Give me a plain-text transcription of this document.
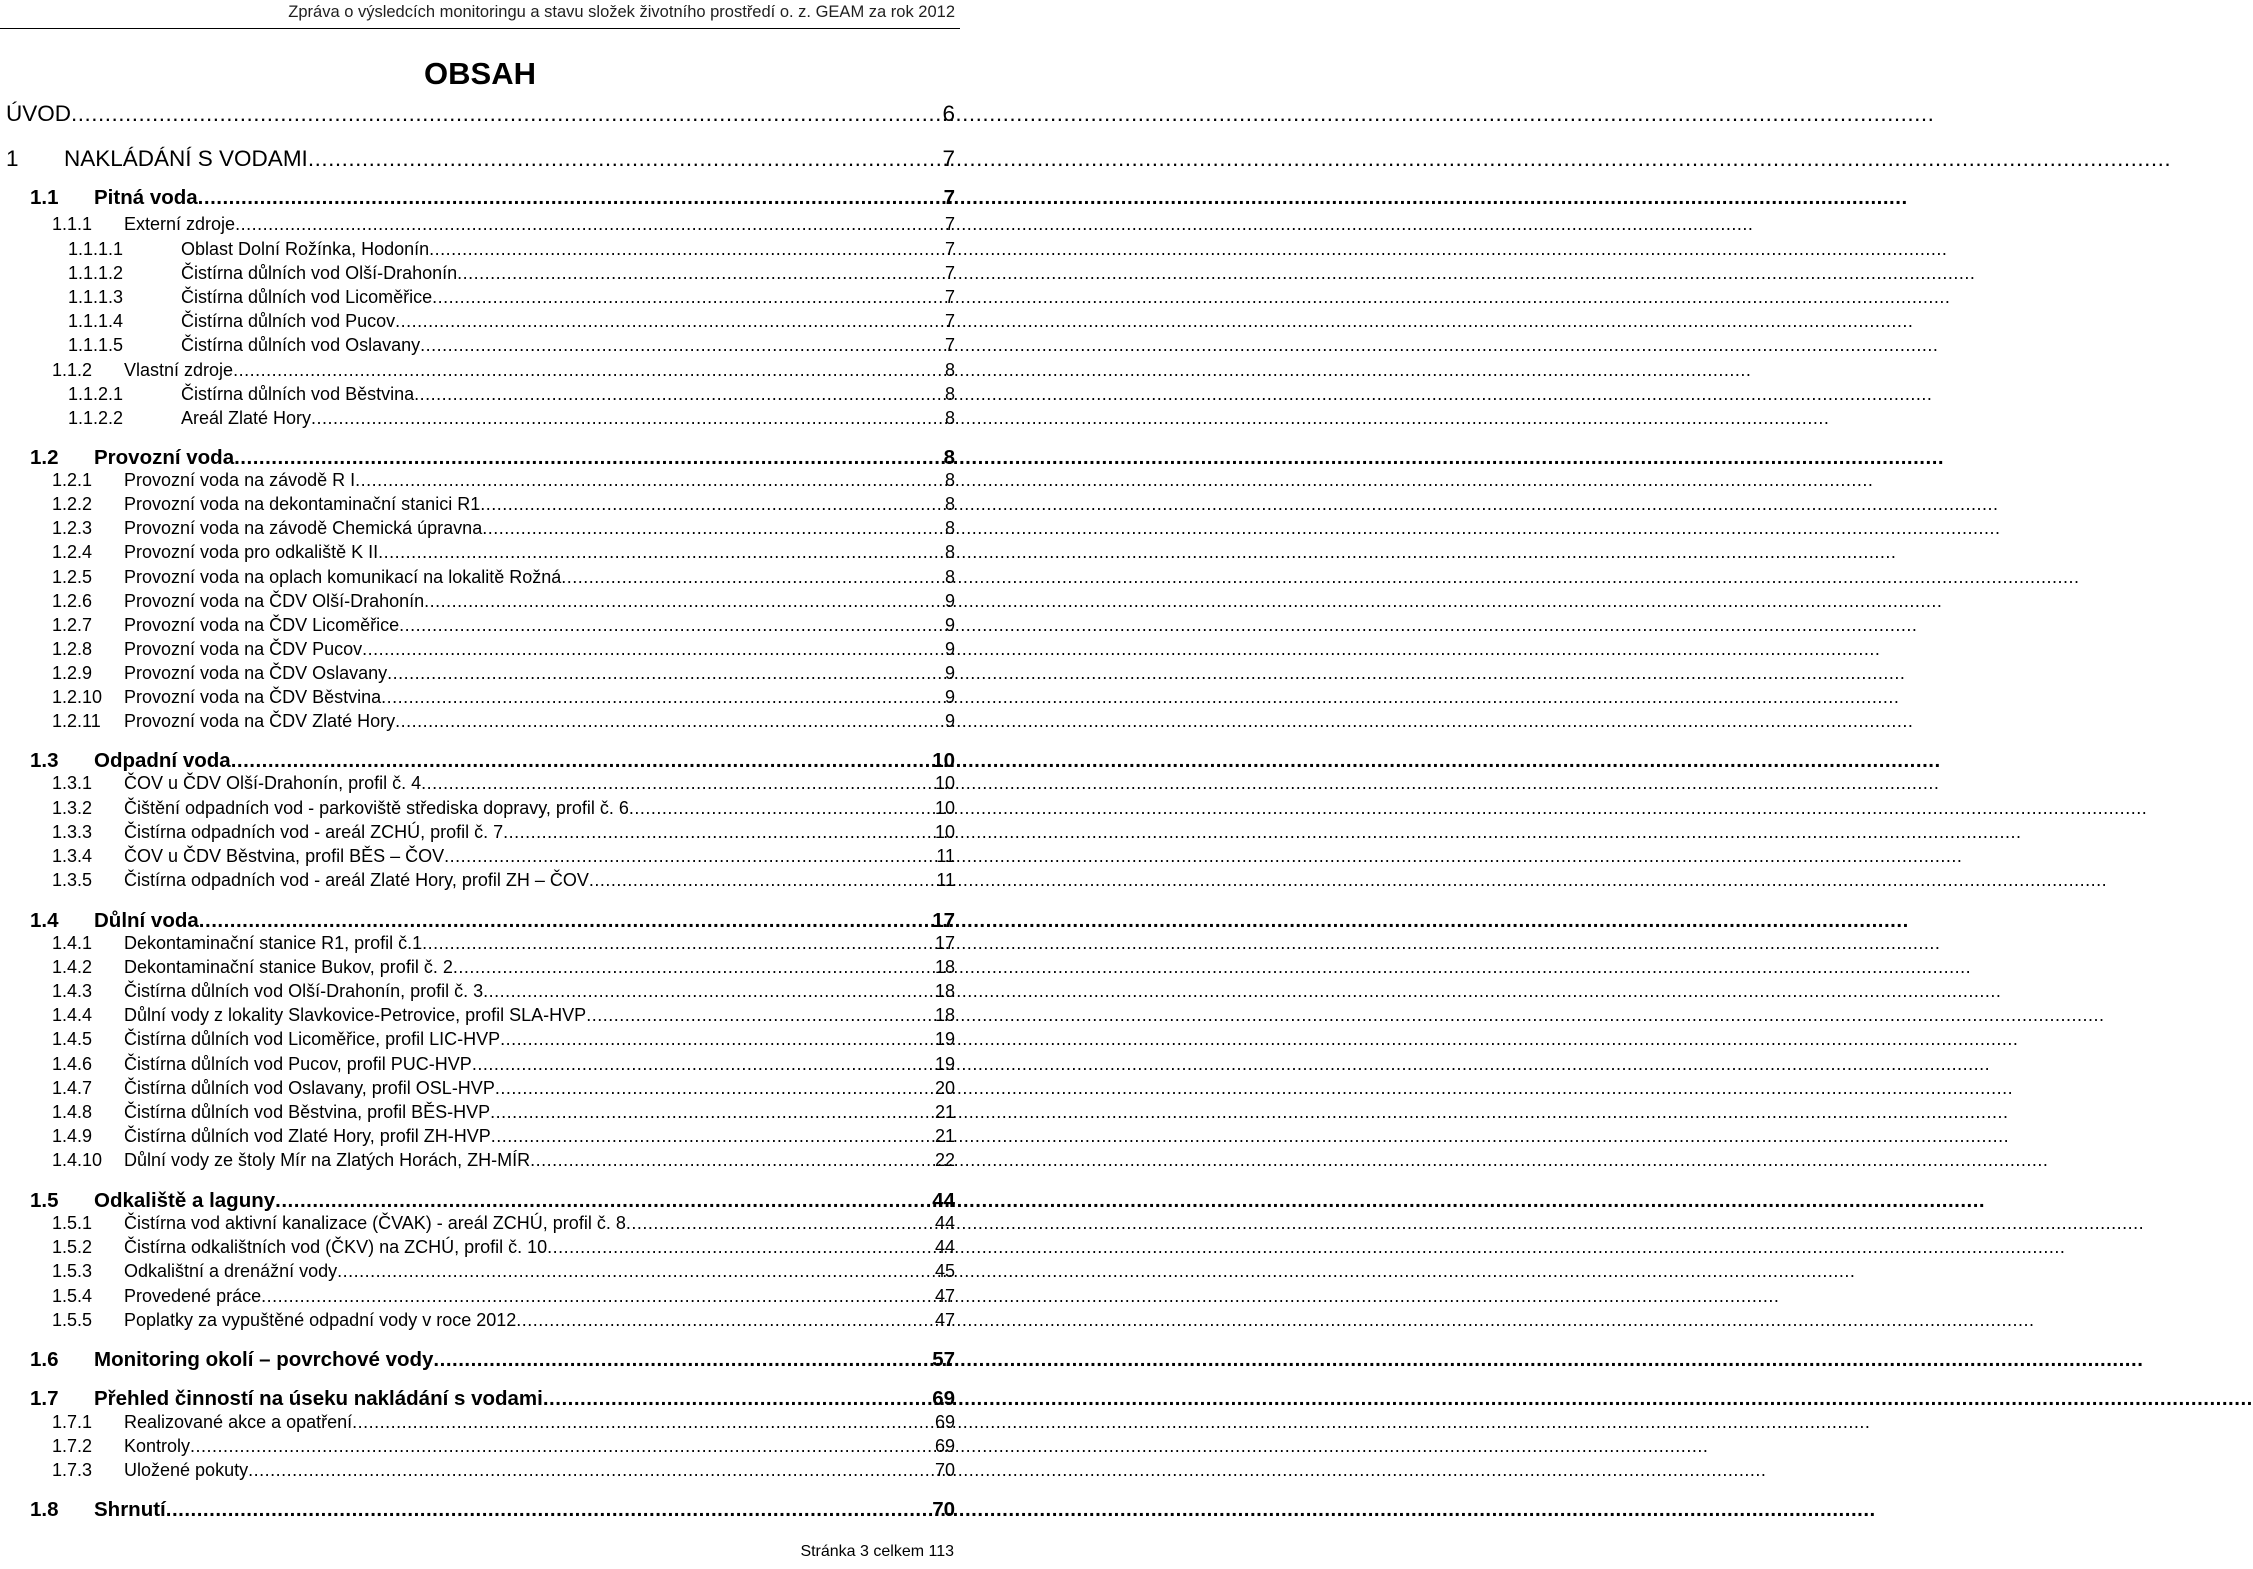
Zpráva o výsledcích monitoringu a stavu složek životního prostředí o. z. GEAM za rok 2012
OBSAH
ÚVOD .....	6
1	NAKLÁDÁNÍ S VODAMI .....	7
1.1	Pitná voda .....	7
1.1.1	Externí zdroje .....	7
1.1.1.1	Oblast Dolní Rožínka, Hodonín .....	7
1.1.1.2	Čistírna důlních vod Olší-Drahonín .....	7
1.1.1.3	Čistírna důlních vod Licoměřice .....	7
1.1.1.4	Čistírna důlních vod Pucov .....	7
1.1.1.5	Čistírna důlních vod Oslavany .....	7
1.1.2	Vlastní zdroje .....	8
1.1.2.1	Čistírna důlních vod Běstvina .....	8
1.1.2.2	Areál Zlaté Hory .....	8
1.2	Provozní voda .....	8
1.2.1	Provozní voda na závodě R I .....	8
1.2.2	Provozní voda na dekontaminační stanici R1 .....	8
1.2.3	Provozní voda na závodě Chemická úpravna .....	8
1.2.4	Provozní voda pro odkaliště K II .....	8
1.2.5	Provozní voda na oplach komunikací na lokalitě Rožná .....	8
1.2.6	Provozní voda na ČDV Olší-Drahonín .....	9
1.2.7	Provozní voda na ČDV Licoměřice .....	9
1.2.8	Provozní voda na ČDV Pucov .....	9
1.2.9	Provozní voda na ČDV Oslavany .....	9
1.2.10	Provozní voda na ČDV Běstvina .....	9
1.2.11	Provozní voda na ČDV Zlaté Hory .....	9
1.3	Odpadní voda .....	10
1.3.1	ČOV u ČDV Olší-Drahonín, profil č. 4 .....	10
1.3.2	Čištění odpadních vod - parkoviště střediska dopravy, profil č. 6 .....	10
1.3.3	Čistírna odpadních vod - areál ZCHÚ, profil č. 7 .....	10
1.3.4	ČOV u ČDV Běstvina, profil BĚS – ČOV .....	11
1.3.5	Čistírna odpadních vod - areál Zlaté Hory, profil ZH – ČOV .....	11
1.4	Důlní voda .....	17
1.4.1	Dekontaminační stanice R1, profil č.1 .....	17
1.4.2	Dekontaminační stanice Bukov, profil č. 2 .....	18
1.4.3	Čistírna důlních vod Olší-Drahonín, profil č. 3 .....	18
1.4.4	Důlní vody z lokality Slavkovice-Petrovice, profil SLA-HVP .....	18
1.4.5	Čistírna důlních vod Licoměřice, profil LIC-HVP .....	19
1.4.6	Čistírna důlních vod Pucov, profil PUC-HVP .....	19
1.4.7	Čistírna důlních vod Oslavany, profil OSL-HVP .....	20
1.4.8	Čistírna důlních vod Běstvina, profil BĚS-HVP .....	21
1.4.9	Čistírna důlních vod Zlaté Hory, profil ZH-HVP .....	21
1.4.10	Důlní vody ze štoly Mír na Zlatých Horách, ZH-MÍR .....	22
1.5	Odkaliště a laguny .....	44
1.5.1	Čistírna vod aktivní kanalizace (ČVAK) - areál ZCHÚ, profil č. 8 .....	44
1.5.2	Čistírna odkalištních vod (ČKV) na ZCHÚ, profil č. 10 .....	44
1.5.3	Odkalištní a drenážní vody .....	45
1.5.4	Provedené práce .....	47
1.5.5	Poplatky za vypuštěné odpadní vody v roce 2012 .....	47
1.6	Monitoring okolí – povrchové vody .....	57
1.7	Přehled činností na úseku nakládání s vodami .....	69
1.7.1	Realizované akce a opatření .....	69
1.7.2	Kontroly .....	69
1.7.3	Uložené pokuty .....	70
1.8	Shrnutí .....	70
Stránka 3 celkem 113
